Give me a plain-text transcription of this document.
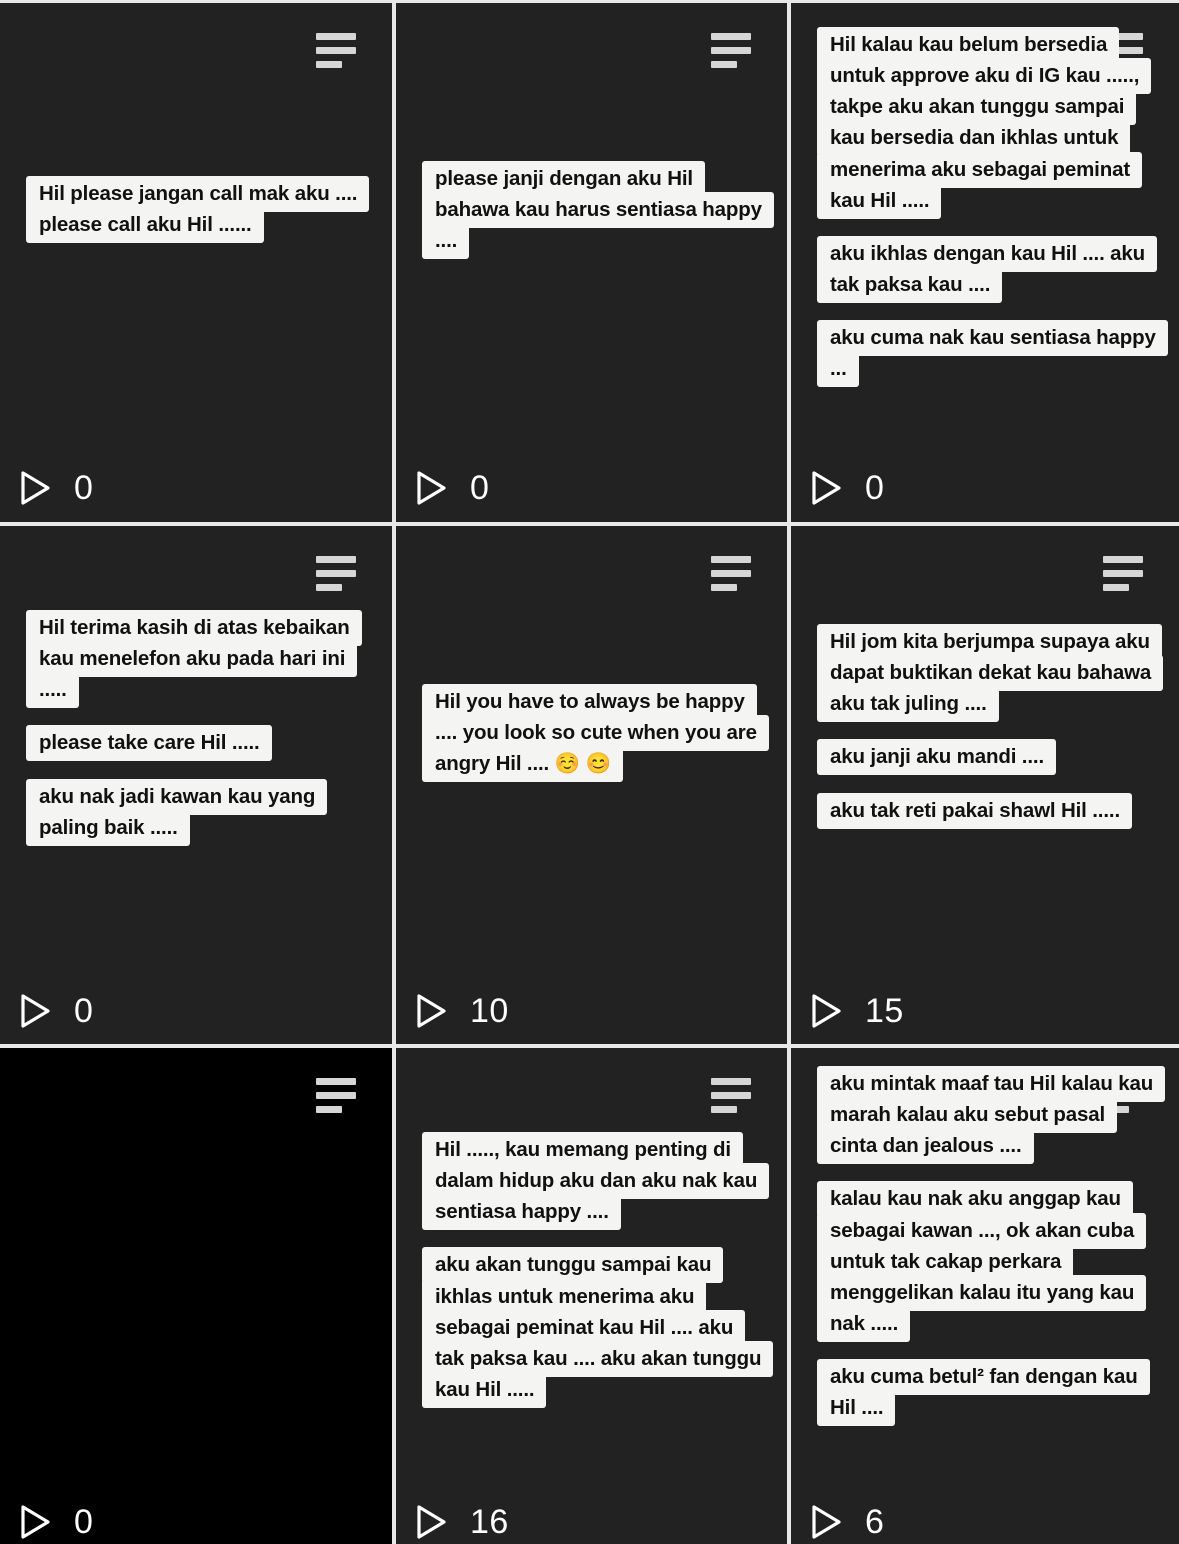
Hil please jangan call mak aku .... please call aku Hil ......
0
please janji dengan aku Hil bahawa kau harus sentiasa happy ....
0
Hil kalau kau belum bersedia untuk approve aku di IG kau ....., takpe aku akan tunggu sampai kau bersedia dan ikhlas untuk menerima aku sebagai peminat kau Hil .....
aku ikhlas dengan kau Hil .... aku tak paksa kau ....
aku cuma nak kau sentiasa happy ...
0
Hil terima kasih di atas kebaikan kau menelefon aku pada hari ini .....
please take care Hil .....
aku nak jadi kawan kau yang paling baik .....
0
Hil you have to always be happy .... you look so cute when you are angry Hil .... ☺️ 😊
10
Hil jom kita berjumpa supaya aku dapat buktikan dekat kau bahawa aku tak juling ....
aku janji aku mandi ....
aku tak reti pakai shawl Hil .....
15
0
Hil ....., kau memang penting di dalam hidup aku dan aku nak kau sentiasa happy ....
aku akan tunggu sampai kau ikhlas untuk menerima aku sebagai peminat kau Hil .... aku tak paksa kau .... aku akan tunggu kau Hil .....
16
aku mintak maaf tau Hil kalau kau marah kalau aku sebut pasal cinta dan jealous ....
kalau kau nak aku anggap kau sebagai kawan ..., ok akan cuba untuk tak cakap perkara menggelikan kalau itu yang kau nak .....
aku cuma betul² fan dengan kau Hil ....
6
